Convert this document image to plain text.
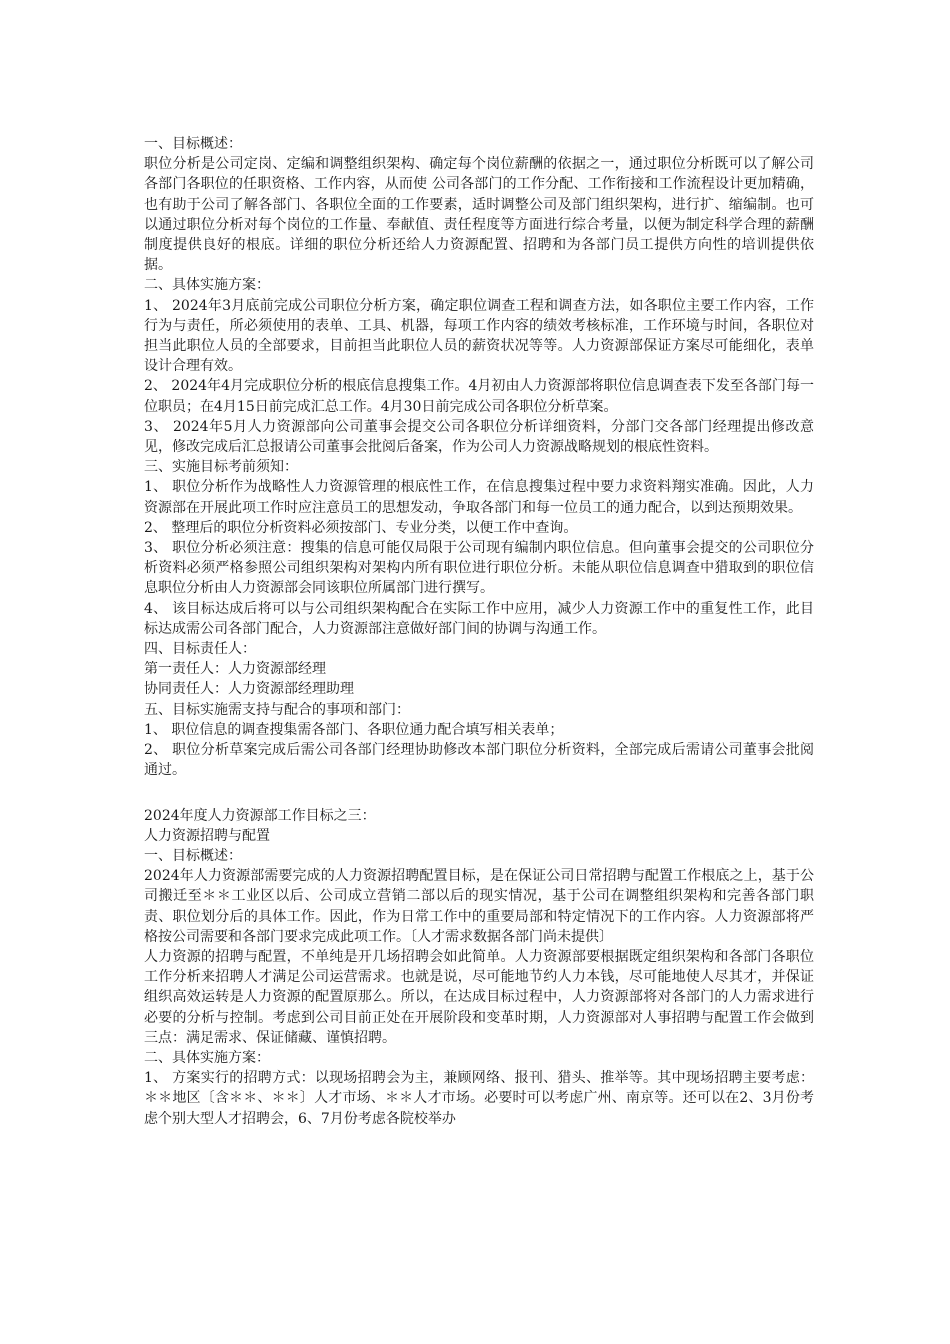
一、目标概述：

职位分析是公司定岗、定编和调整组织架构、确定每个岗位薪酬的依据之一，通过职位分析既可以了解公司各部门各职位的任职资格、工作内容，从而使 公司各部门的工作分配、工作衔接和工作流程设计更加精确，也有助于公司了解各部门、各职位全面的工作要素，适时调整公司及部门组织架构，进行扩、缩编制。也可以通过职位分析对每个岗位的工作量、奉献值、责任程度等方面进行综合考量，以便为制定科学合理的薪酬制度提供良好的根底。详细的职位分析还给人力资源配置、招聘和为各部门员工提供方向性的培训提供依据。

二、具体实施方案：

1、 2024年3月底前完成公司职位分析方案，确定职位调查工程和调查方法，如各职位主要工作内容，工作行为与责任，所必须使用的表单、工具、机器，每项工作内容的绩效考核标准，工作环境与时间，各职位对担当此职位人员的全部要求，目前担当此职位人员的薪资状况等等。人力资源部保证方案尽可能细化，表单设计合理有效。

2、 2024年4月完成职位分析的根底信息搜集工作。4月初由人力资源部将职位信息调查表下发至各部门每一位职员；在4月15日前完成汇总工作。4月30日前完成公司各职位分析草案。

3、 2024年5月人力资源部向公司董事会提交公司各职位分析详细资料，分部门交各部门经理提出修改意见，修改完成后汇总报请公司董事会批阅后备案，作为公司人力资源战略规划的根底性资料。

三、实施目标考前须知：

1、 职位分析作为战略性人力资源管理的根底性工作，在信息搜集过程中要力求资料翔实准确。因此，人力资源部在开展此项工作时应注意员工的思想发动，争取各部门和每一位员工的通力配合，以到达预期效果。

2、 整理后的职位分析资料必须按部门、专业分类，以便工作中查询。

3、 职位分析必须注意：搜集的信息可能仅局限于公司现有编制内职位信息。但向董事会提交的公司职位分析资料必须严格参照公司组织架构对架构内所有职位进行职位分析。未能从职位信息调查中猎取到的职位信息职位分析由人力资源部会同该职位所属部门进行撰写。

4、 该目标达成后将可以与公司组织架构配合在实际工作中应用，减少人力资源工作中的重复性工作，此目标达成需公司各部门配合，人力资源部注意做好部门间的协调与沟通工作。

四、目标责任人：

第一责任人：人力资源部经理

协同责任人：人力资源部经理助理

五、目标实施需支持与配合的事项和部门：

1、 职位信息的调查搜集需各部门、各职位通力配合填写相关表单；

2、 职位分析草案完成后需公司各部门经理协助修改本部门职位分析资料，全部完成后需请公司董事会批阅通过。

2024年度人力资源部工作目标之三：

人力资源招聘与配置

一、目标概述：

2024年人力资源部需要完成的人力资源招聘配置目标，是在保证公司日常招聘与配置工作根底之上，基于公司搬迁至＊＊工业区以后、公司成立营销二部以后的现实情况，基于公司在调整组织架构和完善各部门职责、职位划分后的具体工作。因此，作为日常工作中的重要局部和特定情况下的工作内容。人力资源部将严格按公司需要和各部门要求完成此项工作。〔人才需求数据各部门尚未提供〕

人力资源的招聘与配置，不单纯是开几场招聘会如此简单。人力资源部要根据既定组织架构和各部门各职位工作分析来招聘人才满足公司运营需求。也就是说，尽可能地节约人力本钱，尽可能地使人尽其才，并保证组织高效运转是人力资源的配置原那么。所以，在达成目标过程中，人力资源部将对各部门的人力需求进行必要的分析与控制。考虑到公司目前正处在开展阶段和变革时期，人力资源部对人事招聘与配置工作会做到三点：满足需求、保证储藏、谨慎招聘。

二、具体实施方案：

1、 方案实行的招聘方式：以现场招聘会为主，兼顾网络、报刊、猎头、推举等。其中现场招聘主要考虑：＊＊地区〔含＊＊、＊＊〕人才市场、＊＊人才市场。必要时可以考虑广州、南京等。还可以在2、3月份考虑个别大型人才招聘会，6、7月份考虑各院校举办
